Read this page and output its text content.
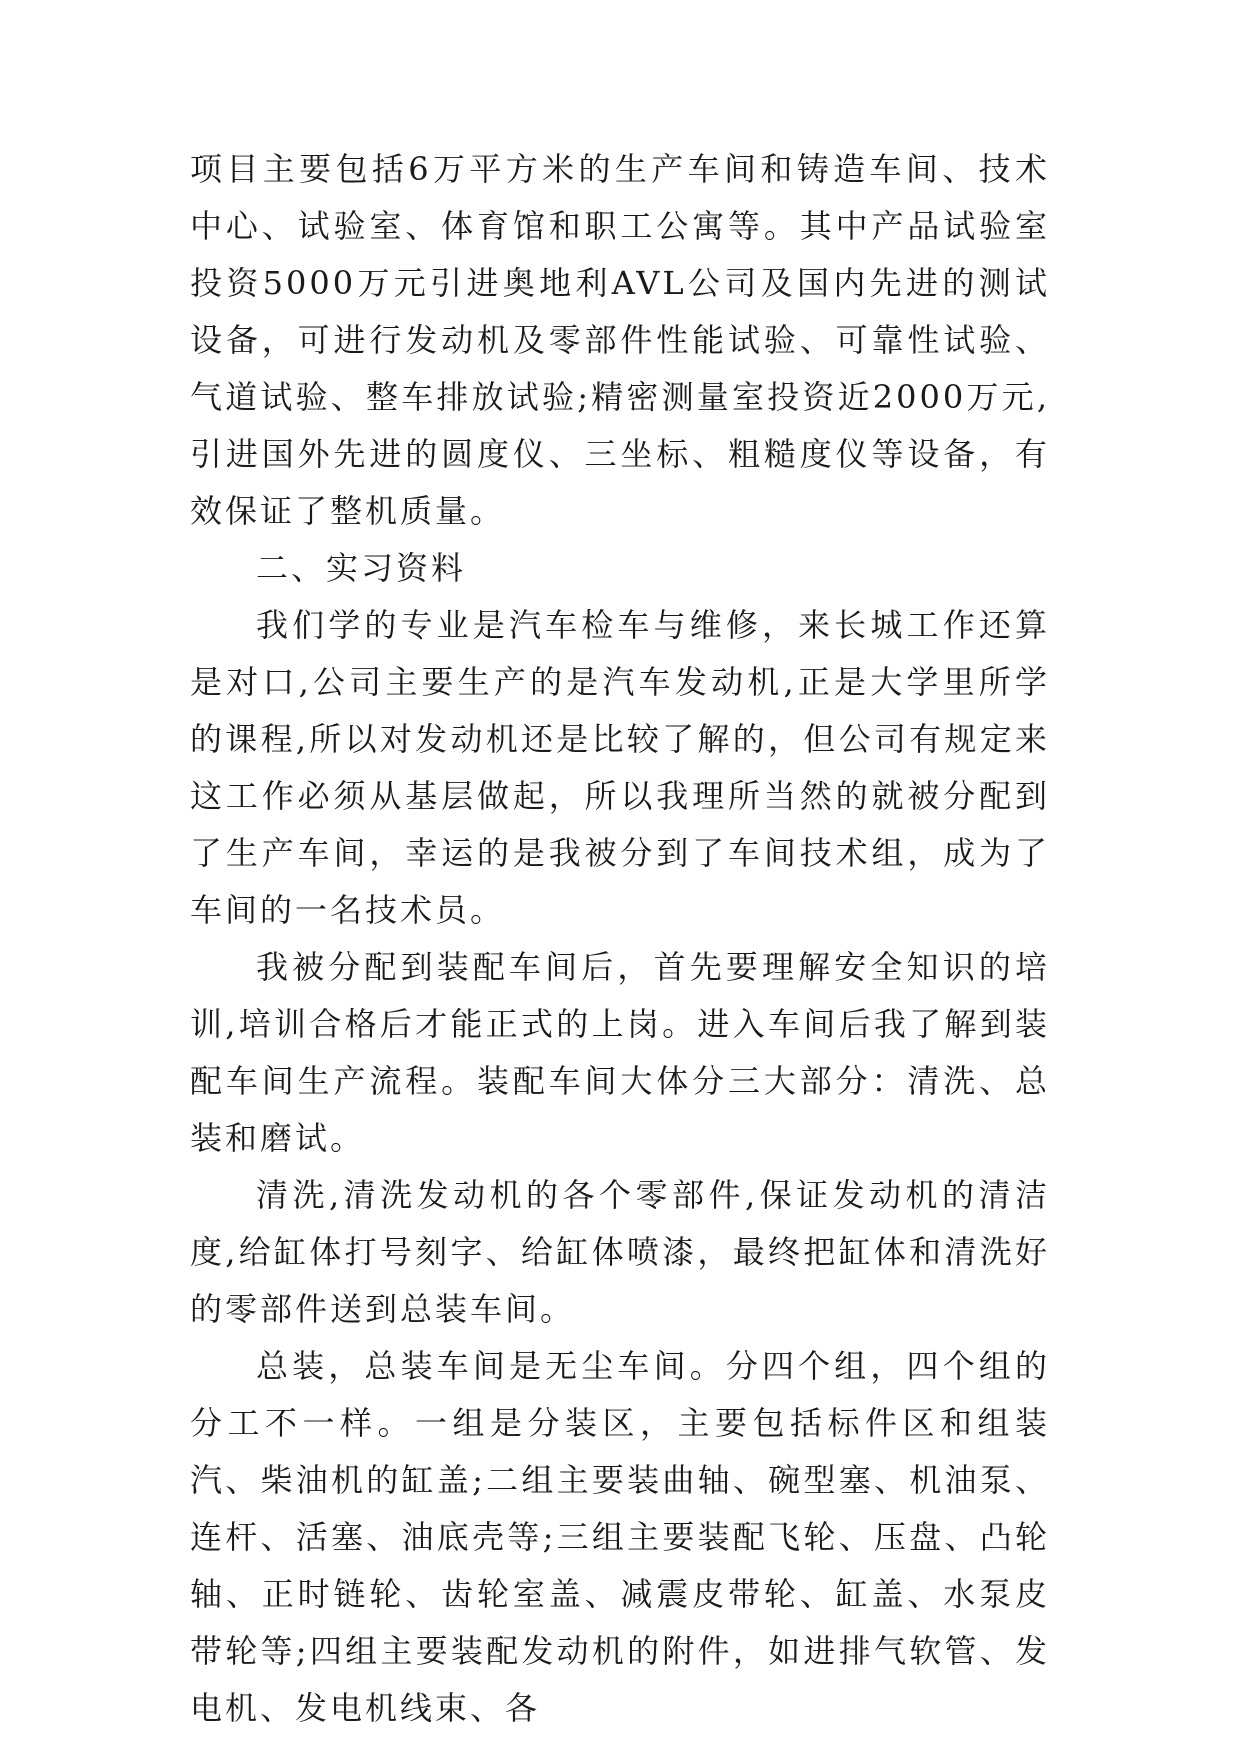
项目主要包括6万平方米的生产车间和铸造车间、技术中心、试验室、体育馆和职工公寓等。其中产品试验室投资5000万元引进奥地利AVL公司及国内先进的测试设备，可进行发动机及零部件性能试验、可靠性试验、气道试验、整车排放试验;精密测量室投资近2000万元,引进国外先进的圆度仪、三坐标、粗糙度仪等设备，有效保证了整机质量。

二、实习资料

我们学的专业是汽车检车与维修，来长城工作还算是对口,公司主要生产的是汽车发动机,正是大学里所学的课程,所以对发动机还是比较了解的，但公司有规定来这工作必须从基层做起，所以我理所当然的就被分配到了生产车间，幸运的是我被分到了车间技术组，成为了车间的一名技术员。

我被分配到装配车间后，首先要理解安全知识的培训,培训合格后才能正式的上岗。进入车间后我了解到装配车间生产流程。装配车间大体分三大部分：清洗、总装和磨试。

清洗,清洗发动机的各个零部件,保证发动机的清洁度,给缸体打号刻字、给缸体喷漆，最终把缸体和清洗好的零部件送到总装车间。

总装，总装车间是无尘车间。分四个组，四个组的分工不一样。一组是分装区，主要包括标件区和组装汽、柴油机的缸盖;二组主要装曲轴、碗型塞、机油泵、连杆、活塞、油底壳等;三组主要装配飞轮、压盘、凸轮轴、正时链轮、齿轮室盖、减震皮带轮、缸盖、水泵皮带轮等;四组主要装配发动机的附件，如进排气软管、发电机、发电机线束、各
